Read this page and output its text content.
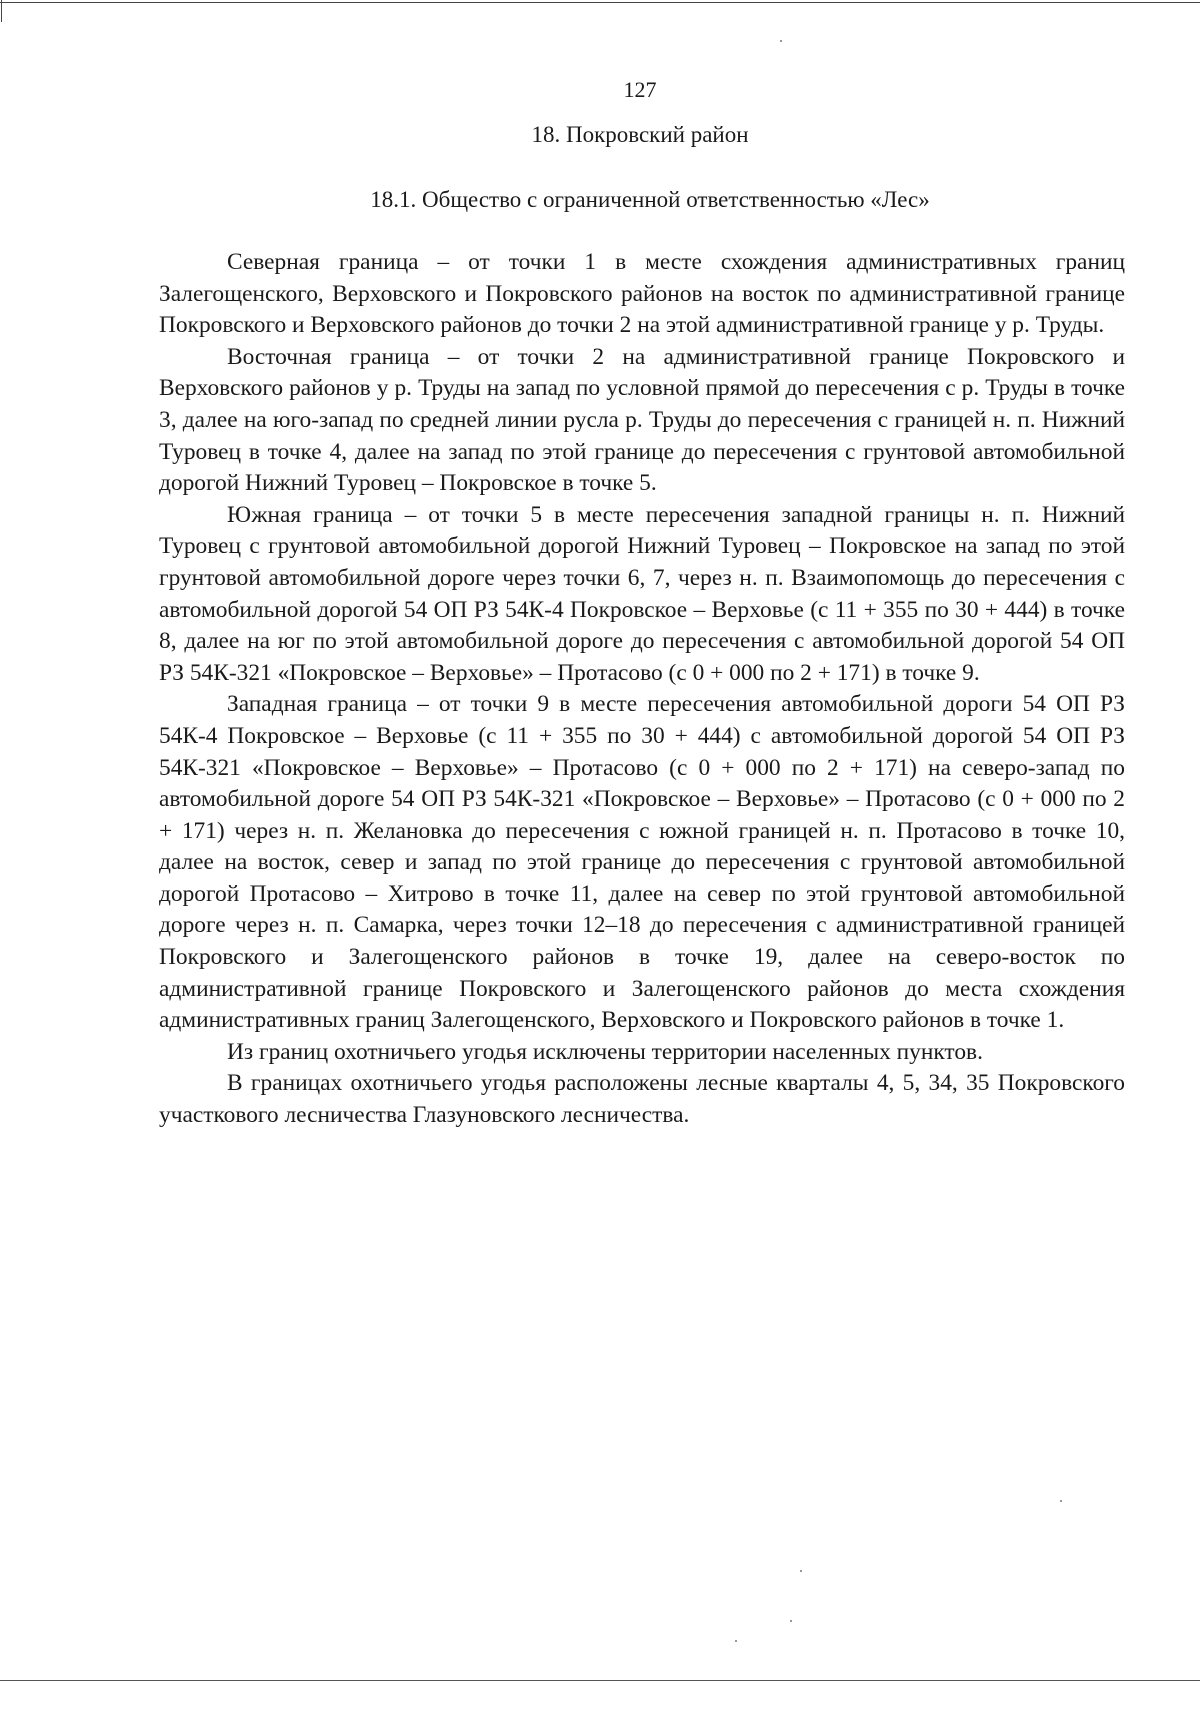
127
18. Покровский район
18.1. Общество с ограниченной ответственностью «Лес»

Северная граница – от точки 1 в месте схождения административных границ Залегощенского, Верховского и Покровского районов на восток по административной границе Покровского и Верховского районов до точки 2 на этой административной границе у р. Труды.

Восточная граница – от точки 2 на административной границе Покровского и Верховского районов у р. Труды на запад по условной прямой до пересечения с р. Труды в точке 3, далее на юго-запад по средней линии русла р. Труды до пересечения с границей н. п. Нижний Туровец в точке 4, далее на запад по этой границе до пересечения с грунтовой автомобильной дорогой Нижний Туровец – Покровское в точке 5.

Южная граница – от точки 5 в месте пересечения западной границы н. п. Нижний Туровец с грунтовой автомобильной дорогой Нижний Туровец – Покровское на запад по этой грунтовой автомобильной дороге через точки 6, 7, через н. п. Взаимопомощь до пересечения с автомобильной дорогой 54 ОП РЗ 54К-4 Покровское – Верховье (с 11 + 355 по 30 + 444) в точке 8, далее на юг по этой автомобильной дороге до пересечения с автомобильной дорогой 54 ОП РЗ 54К-321 «Покровское – Верховье» – Протасово (с 0 + 000 по 2 + 171) в точке 9.

Западная граница – от точки 9 в месте пересечения автомобильной дороги 54 ОП РЗ 54К-4 Покровское – Верховье (с 11 + 355 по 30 + 444) с автомобильной дорогой 54 ОП РЗ 54К-321 «Покровское – Верховье» – Протасово (с 0 + 000 по 2 + 171) на северо-запад по автомобильной дороге 54 ОП РЗ 54К-321 «Покровское – Верховье» – Протасово (с 0 + 000 по 2 + 171) через н. п. Желановка до пересечения с южной границей н. п. Протасово в точке 10, далее на восток, север и запад по этой границе до пересечения с грунтовой автомобильной дорогой Протасово – Хитрово в точке 11, далее на север по этой грунтовой автомобильной дороге через н. п. Самарка, через точки 12–18 до пересечения с административной границей Покровского и Залегощенского районов в точке 19, далее на северо-восток по административной границе Покровского и Залегощенского районов до места схождения административных границ Залегощенского, Верховского и Покровского районов в точке 1.

Из границ охотничьего угодья исключены территории населенных пунктов.

В границах охотничьего угодья расположены лесные кварталы 4, 5, 34, 35 Покровского участкового лесничества Глазуновского лесничества.
